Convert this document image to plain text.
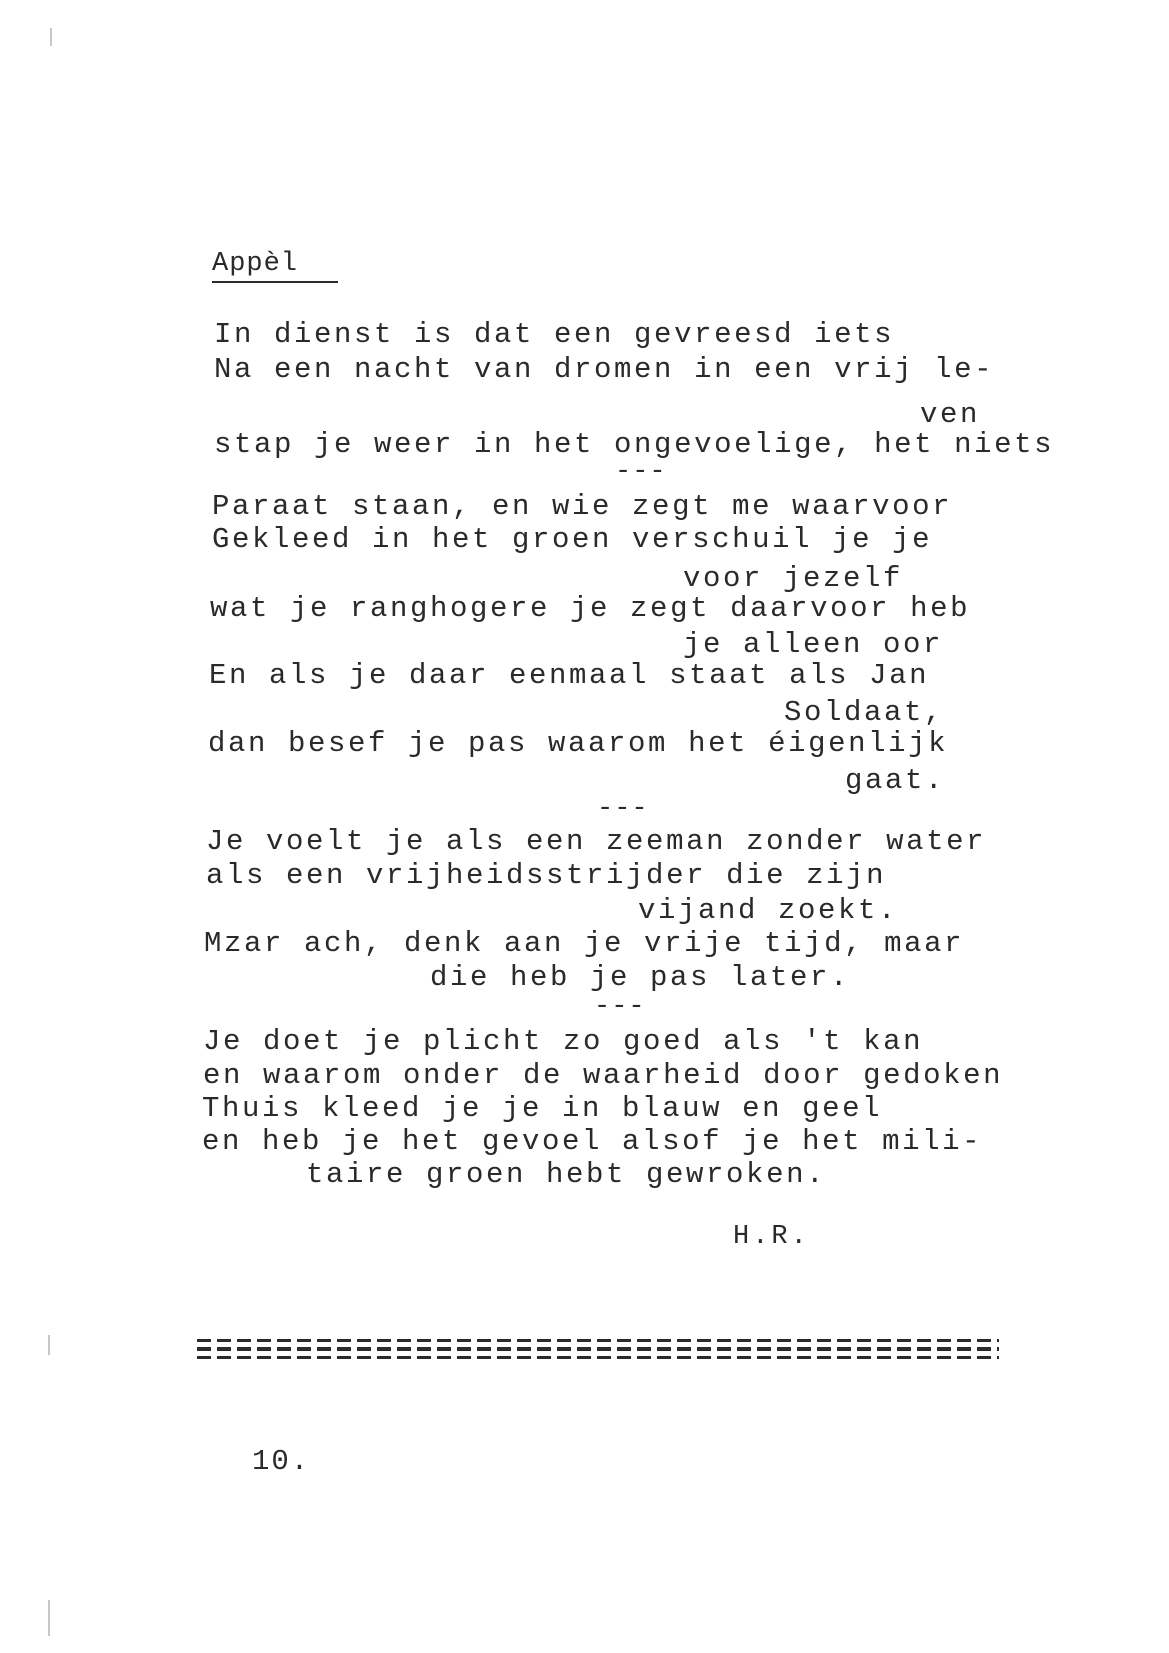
Appèl
In dienst is dat een gevreesd iets
Na een nacht van dromen in een vrij le-
ven
stap je weer in het ongevoelige, het niets
---
Paraat staan, en wie zegt me waarvoor
Gekleed in het groen verschuil je je
voor jezelf
wat je ranghogere je zegt daarvoor heb
je alleen oor
En als je daar eenmaal staat als Jan
Soldaat,
dan besef je pas waarom het éigenlijk
gaat.
---
Je voelt je als een zeeman zonder water
als een vrijheidsstrijder die zijn
vijand zoekt.
Mzar ach, denk aan je vrije tijd, maar
die heb je pas later.
---
Je doet je plicht zo goed als 't kan
en waarom onder de waarheid door gedoken
Thuis kleed je je in blauw en geel
en heb je het gevoel alsof je het mili-
taire groen hebt gewroken.
H.R.
10.
